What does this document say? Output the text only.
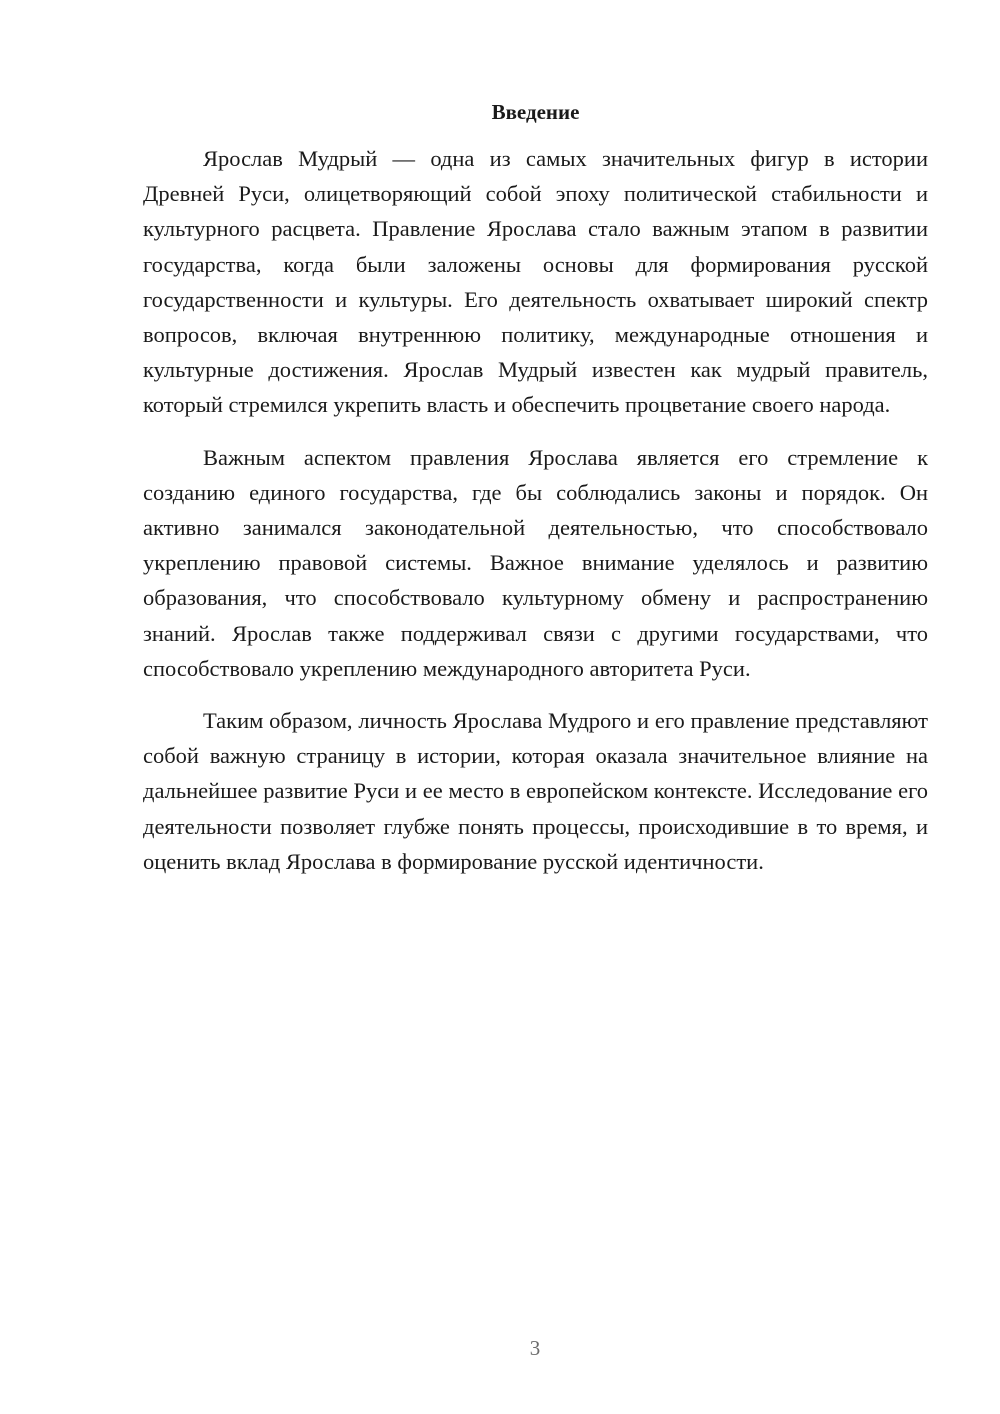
Введение

Ярослав Мудрый — одна из самых значительных фигур в истории Древней Руси, олицетворяющий собой эпоху политической стабильности и культурного расцвета. Правление Ярослава стало важным этапом в развитии государства, когда были заложены основы для формирования русской государственности и культуры. Его деятельность охватывает широкий спектр вопросов, включая внутреннюю политику, международные отношения и культурные достижения. Ярослав Мудрый известен как мудрый правитель, который стремился укрепить власть и обеспечить процветание своего народа.

Важным аспектом правления Ярослава является его стремление к созданию единого государства, где бы соблюдались законы и порядок. Он активно занимался законодательной деятельностью, что способствовало укреплению правовой системы. Важное внимание уделялось и развитию образования, что способствовало культурному обмену и распространению знаний. Ярослав также поддерживал связи с другими государствами, что способствовало укреплению международного авторитета Руси.

Таким образом, личность Ярослава Мудрого и его правление представляют собой важную страницу в истории, которая оказала значительное влияние на дальнейшее развитие Руси и ее место в европейском контексте. Исследование его деятельности позволяет глубже понять процессы, происходившие в то время, и оценить вклад Ярослава в формирование русской идентичности.

3
